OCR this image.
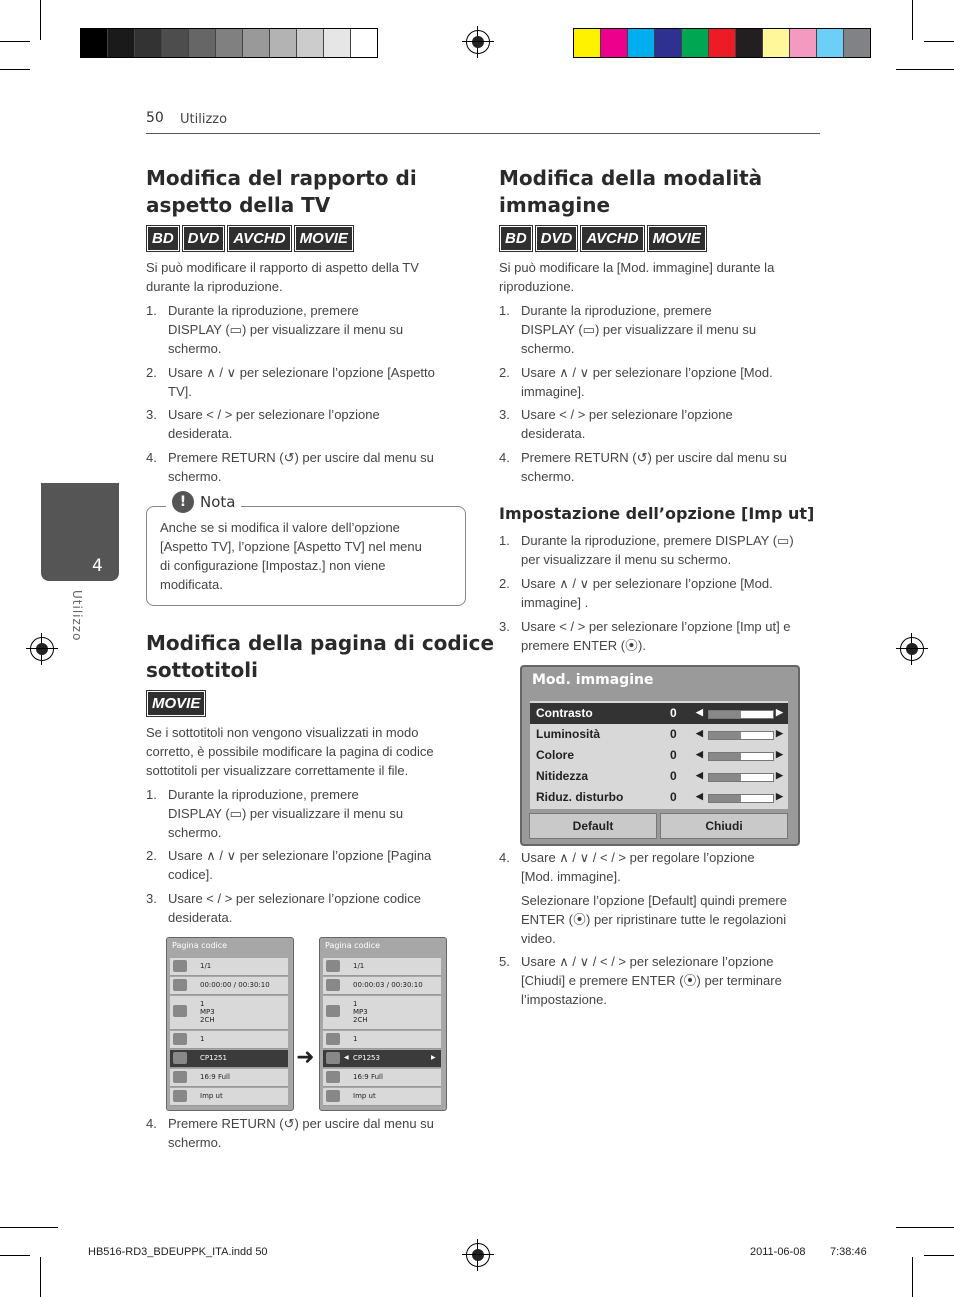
50 Utilizzo
4
Utilizzo
Modifica del rapporto di
aspetto della TV
BD DVD AVCHD MOVIE
Si può modificare il rapporto di aspetto della TV
durante la riproduzione.
1. Durante la riproduzione, premere
DISPLAY (▭) per visualizzare il menu su
schermo.
2. Usare ∧ / ∨ per selezionare l’opzione [Aspetto
TV].
3. Usare < / > per selezionare l’opzione
desiderata.
4. Premere RETURN (↺) per uscire dal menu su
schermo.
! Nota
Anche se si modifica il valore dell’opzione
[Aspetto TV], l’opzione [Aspetto TV] nel menu
di configurazione [Impostaz.] non viene
modificata.
Modifica della pagina di codice
sottotitoli
MOVIE
Se i sottotitoli non vengono visualizzati in modo
corretto, è possibile modificare la pagina di codice
sottotitoli per visualizzare correttamente il file.
1. Durante la riproduzione, premere
DISPLAY (▭) per visualizzare il menu su
schermo.
2. Usare ∧ / ∨ per selezionare l’opzione [Pagina
codice].
3. Usare < / > per selezionare l’opzione codice
desiderata.
Pagina codice
1/1
00:00:00 / 00:30:10
1
MP3
2CH
1
CP1251
16:9 Full
Imp ut
➜
Pagina codice
1/1
00:00:03 / 00:30:10
1
MP3
2CH
1
◀ CP1253	▶
16:9 Full
Imp ut
4. Premere RETURN (↺) per uscire dal menu su
schermo.
Modifica della modalità
immagine
BD DVD AVCHD MOVIE
Si può modificare la [Mod. immagine] durante la
riproduzione.
1. Durante la riproduzione, premere
DISPLAY (▭) per visualizzare il menu su
schermo.
2. Usare ∧ / ∨ per selezionare l’opzione [Mod.
immagine].
3. Usare < / > per selezionare l’opzione
desiderata.
4. Premere RETURN (↺) per uscire dal menu su
schermo.
Impostazione dell’opzione [Imp ut]
1. Durante la riproduzione, premere DISPLAY (▭)
per visualizzare il menu su schermo.
2. Usare ∧ / ∨ per selezionare l’opzione [Mod.
immagine] .
3. Usare < / > per selezionare l’opzione [Imp ut] e
premere ENTER (⦿).
Mod. immagine
Contrasto	0 ◀	▶
Luminosità	0 ◀	▶
Colore	0 ◀	▶
Nitidezza	0 ◀	▶
Riduz. disturbo	0 ◀	▶
Default	Chiudi
4. Usare ∧ / ∨ / < / > per regolare l’opzione
[Mod. immagine].

Selezionare l’opzione [Default] quindi premere
ENTER (⦿) per ripristinare tutte le regolazioni
video.
5. Usare ∧ / ∨ / < / > per selezionare l’opzione
[Chiudi] e premere ENTER (⦿) per terminare
l’impostazione.
HB516-RD3_BDEUPPK_ITA.indd 50	2011-06-08 7:38:46
